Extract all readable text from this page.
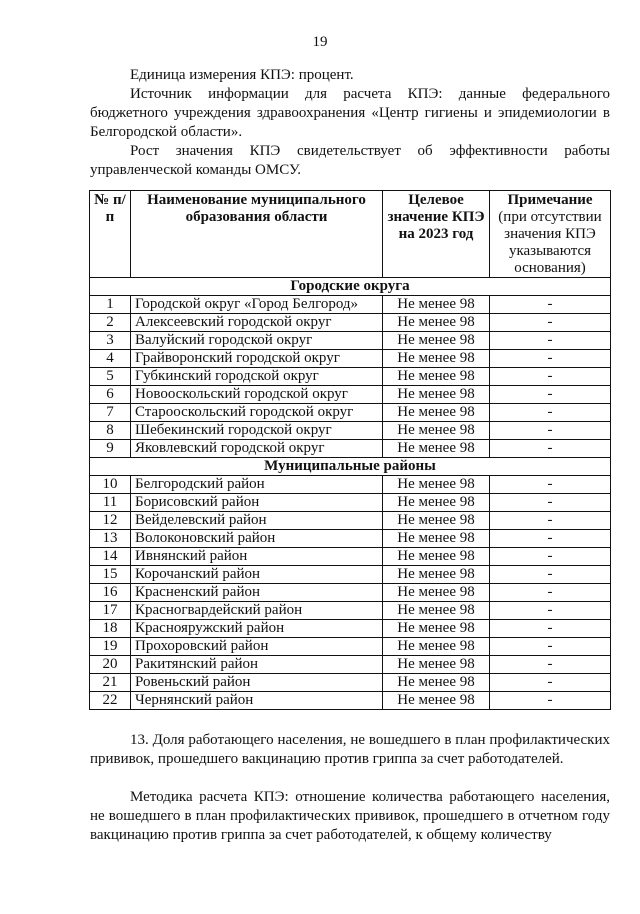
19
Единица измерения КПЭ: процент.
Источник информации для расчета КПЭ: данные федерального бюджетного учреждения здравоохранения «Центр гигиены и эпидемиологии в Белгородской области».
Рост значения КПЭ свидетельствует об эффективности работы управленческой команды ОМСУ.
№ п/п	Наименование муниципального образования области	Целевое значение КПЭ на 2023 год	Примечание
(при отсутствии значения КПЭ указываются основания)
Городские округа			
1	Городской округ «Город Белгород»	Не менее 98	-
2	Алексеевский городской округ	Не менее 98	-
3	Валуйский городской округ	Не менее 98	-
4	Грайворонский городской округ	Не менее 98	-
5	Губкинский городской округ	Не менее 98	-
6	Новооскольский городской округ	Не менее 98	-
7	Старооскольский городской округ	Не менее 98	-
8	Шебекинский городской округ	Не менее 98	-
9	Яковлевский городской округ	Не менее 98	-
Муниципальные районы			
10	Белгородский район	Не менее 98	-
11	Борисовский район	Не менее 98	-
12	Вейделевский район	Не менее 98	-
13	Волоконовский район	Не менее 98	-
14	Ивнянский район	Не менее 98	-
15	Корочанский район	Не менее 98	-
16	Красненский район	Не менее 98	-
17	Красногвардейский район	Не менее 98	-
18	Краснояружский район	Не менее 98	-
19	Прохоровский район	Не менее 98	-
20	Ракитянский район	Не менее 98	-
21	Ровеньский район	Не менее 98	-
22	Чернянский район	Не менее 98	-
13. Доля работающего населения, не вошедшего в план профилактических прививок, прошедшего вакцинацию против гриппа за счет работодателей.
Методика расчета КПЭ: отношение количества работающего населения, не вошедшего в план профилактических прививок, прошедшего в отчетном году вакцинацию против гриппа за счет работодателей, к общему количеству
